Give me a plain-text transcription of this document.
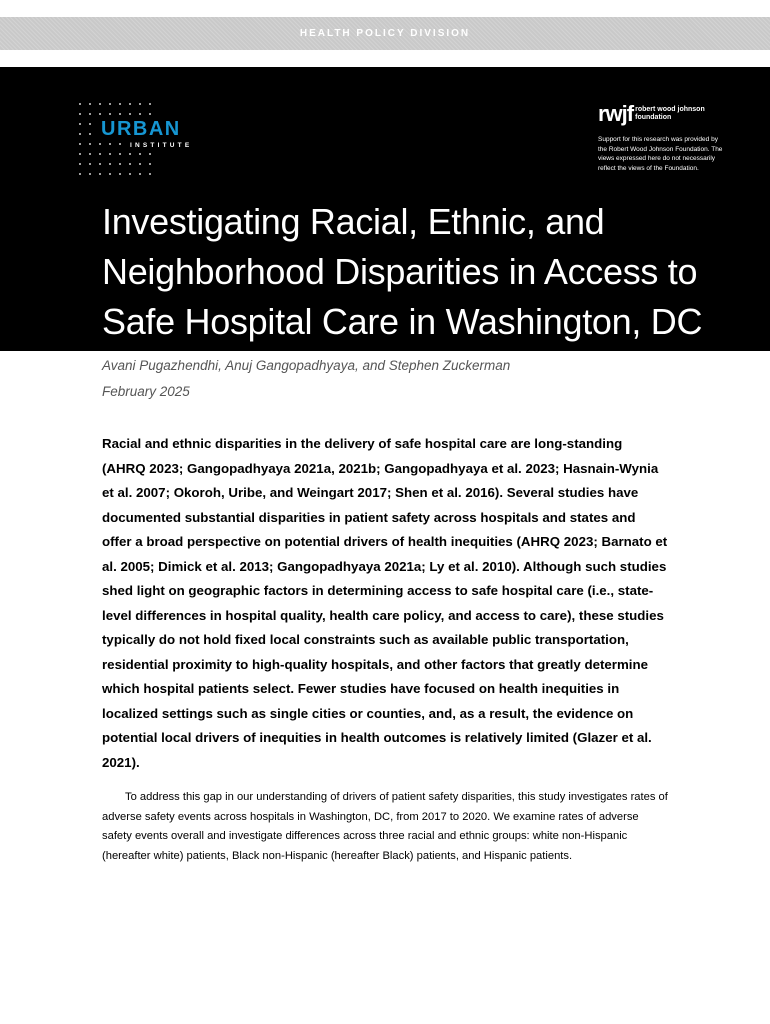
HEALTH POLICY DIVISION
URBAN
INSTITUTE
rwjf robert wood johnson
foundation
Support for this research was provided by the Robert Wood Johnson Foundation. The views expressed here do not necessarily reflect the views of the Foundation.
Investigating Racial, Ethnic, and Neighborhood Disparities in Access to Safe Hospital Care in Washington, DC
Avani Pugazhendhi, Anuj Gangopadhyaya, and Stephen Zuckerman
February 2025

Racial and ethnic disparities in the delivery of safe hospital care are long-standing (AHRQ 2023; Gangopadhyaya 2021a, 2021b; Gangopadhyaya et al. 2023; Hasnain-Wynia et al. 2007; Okoroh, Uribe, and Weingart 2017; Shen et al. 2016). Several studies have documented substantial disparities in patient safety across hospitals and states and offer a broad perspective on potential drivers of health inequities (AHRQ 2023; Barnato et al. 2005; Dimick et al. 2013; Gangopadhyaya 2021a; Ly et al. 2010). Although such studies shed light on geographic factors in determining access to safe hospital care (i.e., state-level differences in hospital quality, health care policy, and access to care), these studies typically do not hold fixed local constraints such as available public transportation, residential proximity to high-quality hospitals, and other factors that greatly determine which hospital patients select. Fewer studies have focused on health inequities in localized settings such as single cities or counties, and, as a result, the evidence on potential local drivers of inequities in health outcomes is relatively limited (Glazer et al. 2021).

To address this gap in our understanding of drivers of patient safety disparities, this study investigates rates of adverse safety events across hospitals in Washington, DC, from 2017 to 2020. We examine rates of adverse safety events overall and investigate differences across three racial and ethnic groups: white non-Hispanic (hereafter white) patients, Black non-Hispanic (hereafter Black) patients, and Hispanic patients.
